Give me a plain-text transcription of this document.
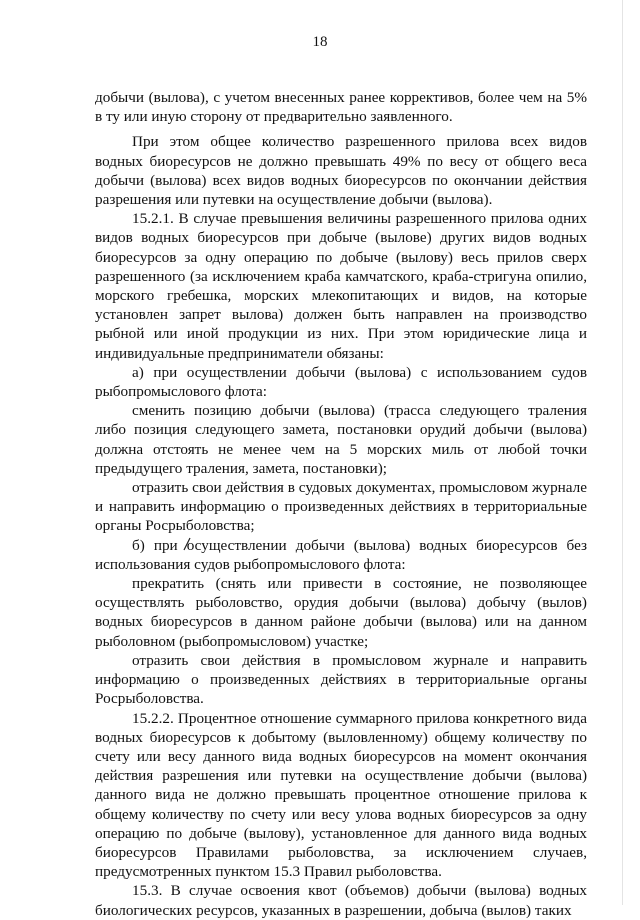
18

добычи (вылова), с учетом внесенных ранее коррективов, более чем на 5% в ту или иную сторону от предварительно заявленного.

При этом общее количество разрешенного прилова всех видов водных биоресурсов не должно превышать 49% по весу от общего веса добычи (вылова) всех видов водных биоресурсов по окончании действия разрешения или путевки на осуществление добычи (вылова).

15.2.1. В случае превышения величины разрешенного прилова одних видов водных биоресурсов при добыче (вылове) других видов водных биоресурсов за одну операцию по добыче (вылову) весь прилов сверх разрешенного (за исключением краба камчатского, краба-стригуна опилио, морского гребешка, морских млекопитающих и видов, на которые установлен запрет вылова) должен быть направлен на производство рыбной или иной продукции из них. При этом юридические лица и индивидуальные предприниматели обязаны:

а) при осуществлении добычи (вылова) с использованием судов рыбопромыслового флота:

сменить позицию добычи (вылова) (трасса следующего траления либо позиция следующего замета, постановки орудий добычи (вылова) должна отстоять не менее чем на 5 морских миль от любой точки предыдущего траления, замета, постановки);

отразить свои действия в судовых документах, промысловом журнале и направить информацию о произведенных действиях в территориальные органы Росрыболовства;

б) при осуществлении добычи (вылова) водных биоресурсов без использования судов рыбопромыслового флота:

прекратить (снять или привести в состояние, не позволяющее осуществлять рыболовство, орудия добычи (вылова) добычу (вылов) водных биоресурсов в данном районе добычи (вылова) или на данном рыболовном (рыбопромысловом) участке;

отразить свои действия в промысловом журнале и направить информацию о произведенных действиях в территориальные органы Росрыболовства.

15.2.2. Процентное отношение суммарного прилова конкретного вида водных биоресурсов к добытому (выловленному) общему количеству по счету или весу данного вида водных биоресурсов на момент окончания действия разрешения или путевки на осуществление добычи (вылова) данного вида не должно превышать процентное отношение прилова к общему количеству по счету или весу улова водных биоресурсов за одну операцию по добыче (вылову), установленное для данного вида водных биоресурсов Правилами рыболовства, за исключением случаев, предусмотренных пунктом 15.3 Правил рыболовства.

15.3. В случае освоения квот (объемов) добычи (вылова) водных биологических ресурсов, указанных в разрешении, добыча (вылов) таких
